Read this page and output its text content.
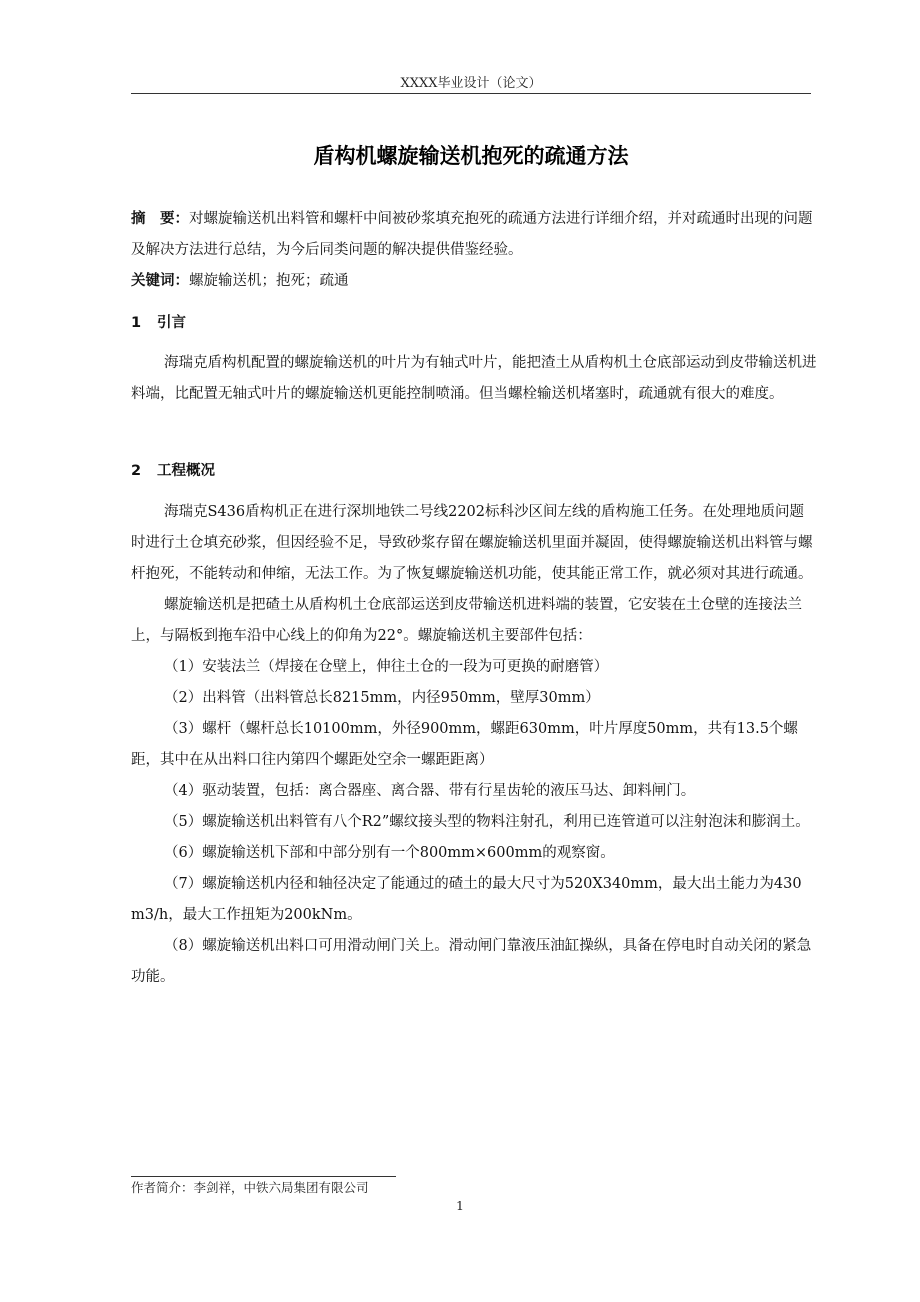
XXXX毕业设计（论文）
盾构机螺旋输送机抱死的疏通方法
摘　要：对螺旋输送机出料管和螺杆中间被砂浆填充抱死的疏通方法进行详细介绍，并对疏通时出现的问题及解决方法进行总结，为今后同类问题的解决提供借鉴经验。
关键词：螺旋输送机；抱死；疏通
1 引言

海瑞克盾构机配置的螺旋输送机的叶片为有轴式叶片，能把渣土从盾构机土仓底部运动到皮带输送机进料端，比配置无轴式叶片的螺旋输送机更能控制喷涌。但当螺栓输送机堵塞时，疏通就有很大的难度。

2 工程概况

海瑞克S436盾构机正在进行深圳地铁二号线2202标科沙区间左线的盾构施工任务。在处理地质问题时进行土仓填充砂浆，但因经验不足，导致砂浆存留在螺旋输送机里面并凝固，使得螺旋输送机出料管与螺杆抱死，不能转动和伸缩，无法工作。为了恢复螺旋输送机功能，使其能正常工作，就必须对其进行疏通。

螺旋输送机是把碴土从盾构机土仓底部运送到皮带输送机进料端的装置，它安装在土仓壁的连接法兰上，与隔板到拖车沿中心线上的仰角为22°。螺旋输送机主要部件包括：

（1）安装法兰（焊接在仓壁上，伸往土仓的一段为可更换的耐磨管）

（2）出料管（出料管总长8215mm，内径950mm，壁厚30mm）

（3）螺杆（螺杆总长10100mm，外径900mm，螺距630mm，叶片厚度50mm，共有13.5个螺距，其中在从出料口往内第四个螺距处空余一螺距距离）

（4）驱动装置，包括：离合器座、离合器、带有行星齿轮的液压马达、卸料闸门。

（5）螺旋输送机出料管有八个R2”螺纹接头型的物料注射孔，利用已连管道可以注射泡沫和膨润土。

（6）螺旋输送机下部和中部分别有一个800mm×600mm的观察窗。

（7）螺旋输送机内径和轴径决定了能通过的碴土的最大尺寸为520X340mm，最大出土能力为430 m3/h，最大工作扭矩为200kNm。

（8）螺旋输送机出料口可用滑动闸门关上。滑动闸门靠液压油缸操纵，具备在停电时自动关闭的紧急功能。

作者简介：李剑祥，中铁六局集团有限公司
1
